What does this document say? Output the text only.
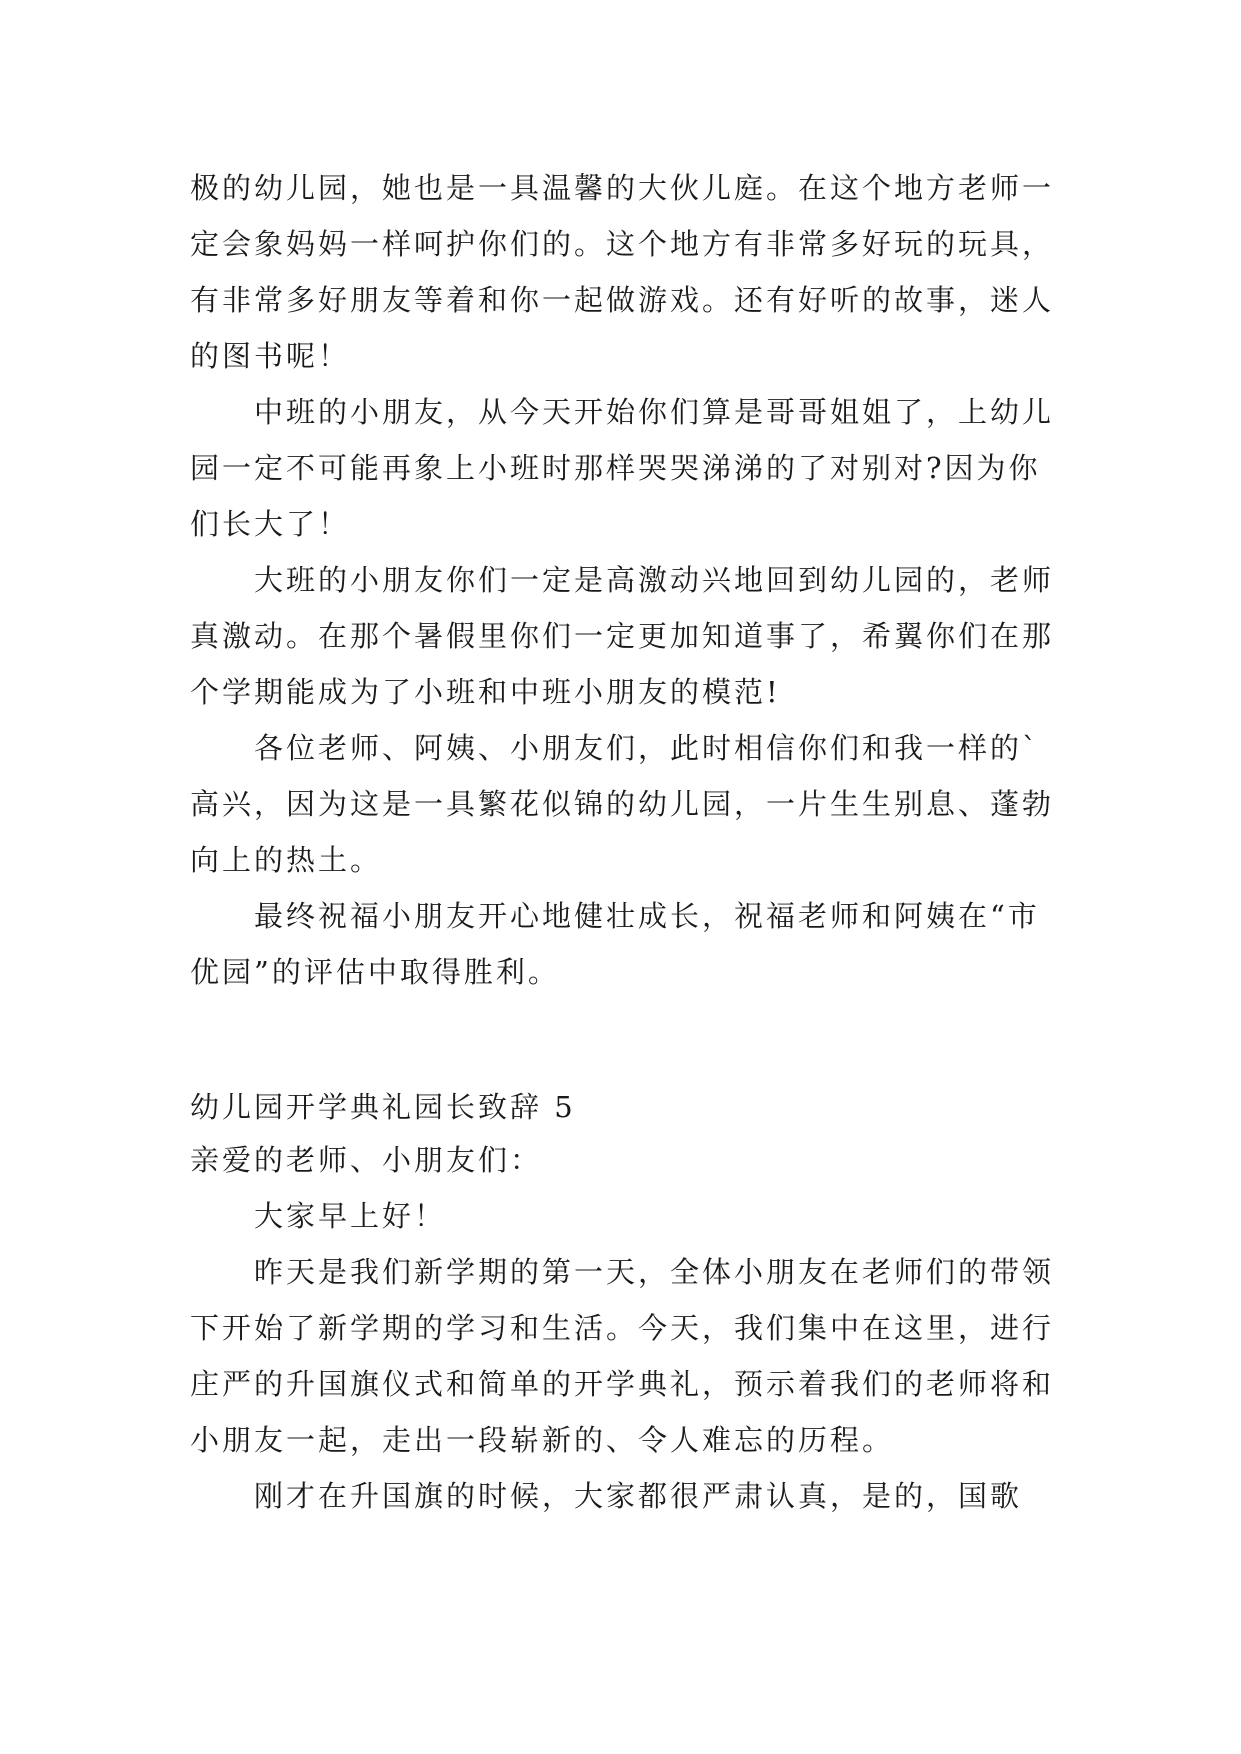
极的幼儿园，她也是一具温馨的大伙儿庭。在这个地方老师一定会象妈妈一样呵护你们的。这个地方有非常多好玩的玩具，有非常多好朋友等着和你一起做游戏。还有好听的故事，迷人的图书呢！

中班的小朋友，从今天开始你们算是哥哥姐姐了，上幼儿园一定不可能再象上小班时那样哭哭涕涕的了对别对?因为你们长大了！

大班的小朋友你们一定是高激动兴地回到幼儿园的，老师真激动。在那个暑假里你们一定更加知道事了，希翼你们在那个学期能成为了小班和中班小朋友的模范!

各位老师、阿姨、小朋友们，此时相信你们和我一样的`高兴，因为这是一具繁花似锦的幼儿园，一片生生别息、蓬勃向上的热土。

最终祝福小朋友开心地健壮成长，祝福老师和阿姨在“市优园”的评估中取得胜利。

幼儿园开学典礼园长致辞 5

亲爱的老师、小朋友们：

大家早上好！

昨天是我们新学期的第一天，全体小朋友在老师们的带领下开始了新学期的学习和生活。今天，我们集中在这里，进行庄严的升国旗仪式和简单的开学典礼，预示着我们的老师将和小朋友一起，走出一段崭新的、令人难忘的历程。

刚才在升国旗的时候，大家都很严肃认真，是的，国歌
